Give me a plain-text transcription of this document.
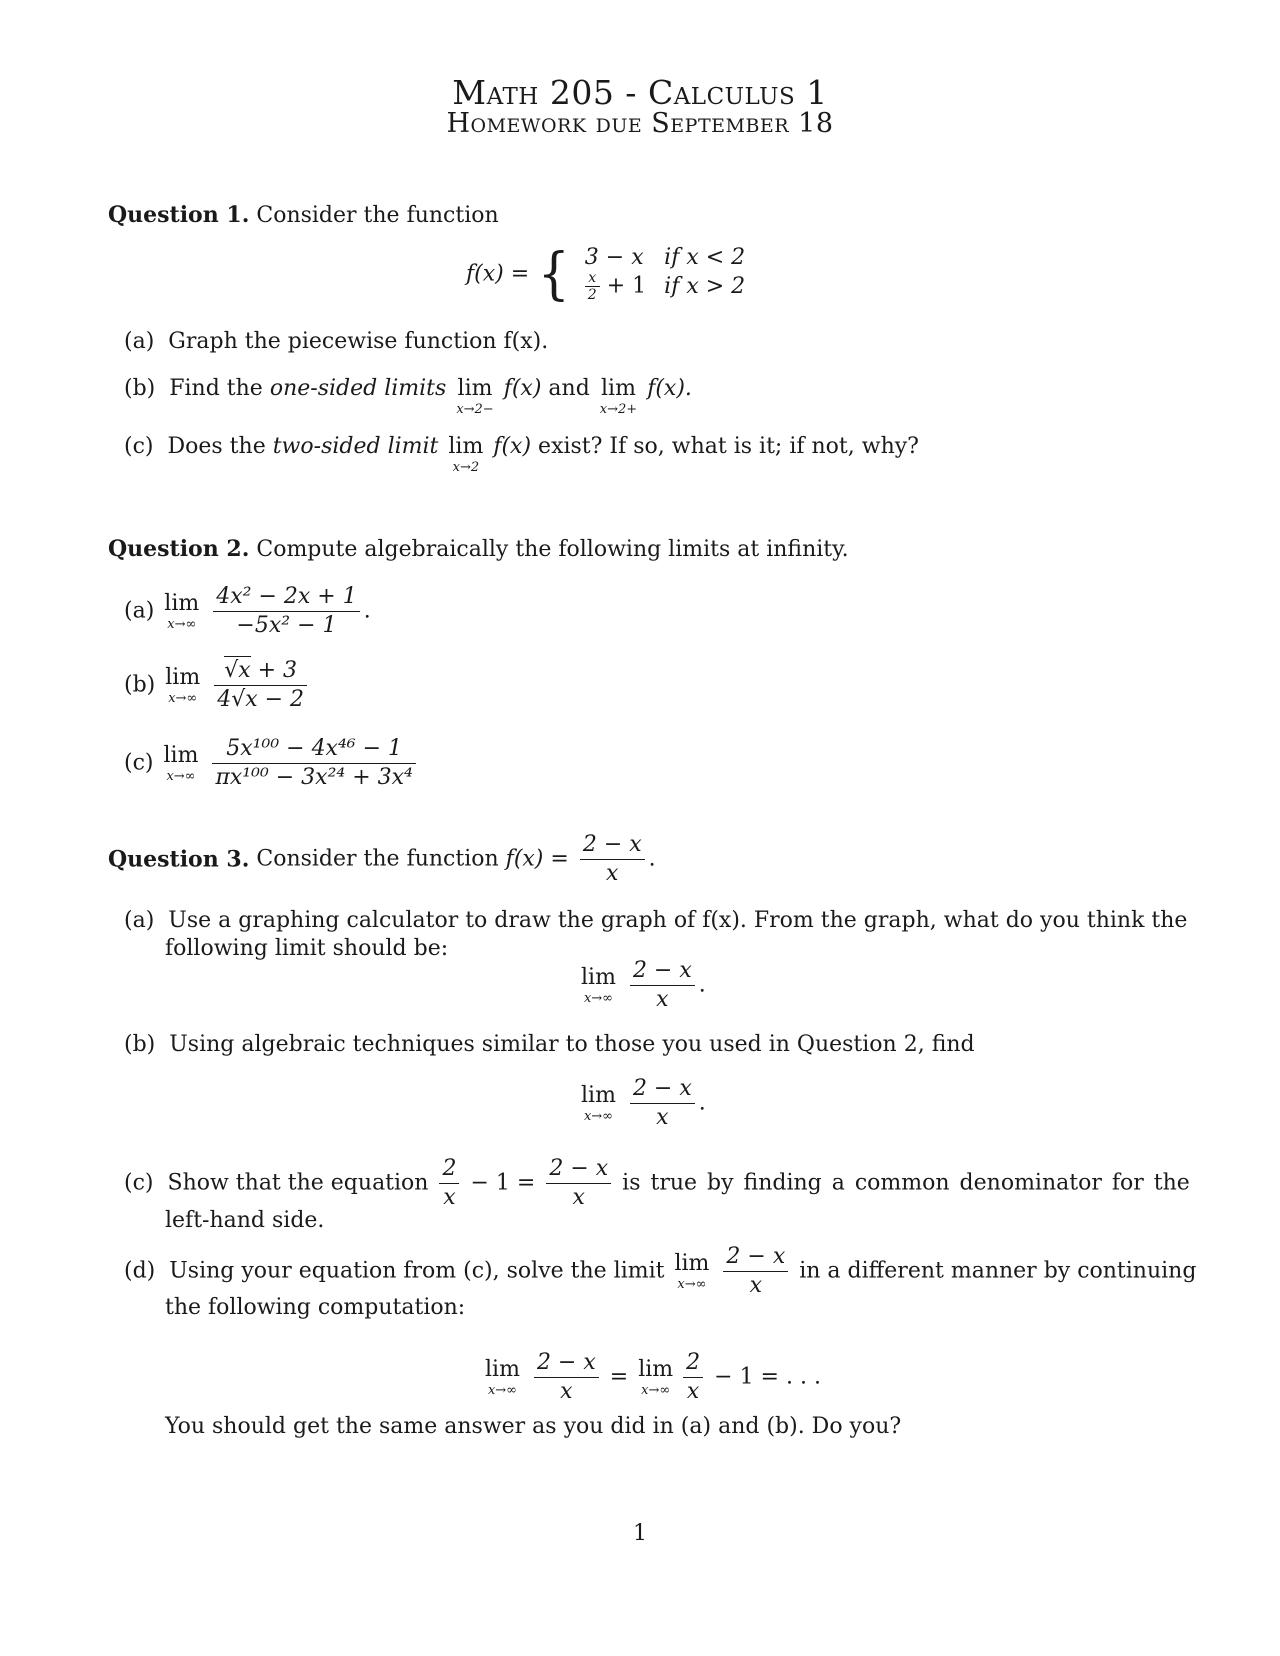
Math 205 - Calculus 1
Homework due September 18
Question 1. Consider the function
f(x) = { 3 − x	if x < 2

$\frac{x}{2} + 1$	if x > 2
(a) Graph the piecewise function f(x).
(b) Find the one-sided limits lim
x→2−
f(x) and lim
x→2+
f(x).
(c) Does the two-sided limit lim
x→2
f(x) exist? If so, what is it; if not, why?
Question 2. Compute algebraically the following limits at infinity.
(a) lim
x→∞
$\frac{\text{4x² − 2x + 1}}{\text{−5x² − 1}}$ .
(b) lim
x→∞
$\frac{√x + 3}{4√x - 2}$
(c) lim
x→∞
$\frac{\text{5x¹⁰⁰ − 4x⁴⁶ − 1}}{\text{πx¹⁰⁰ − 3x²⁴ + 3x⁴}}$
Question 3. Consider the function $f(x) = \frac{2 - x}{x}$ .
(a) Use a graphing calculator to draw the graph of f(x). From the graph, what do you think the
following limit should be:
lim
x→∞
$\frac{2 - x}{x}$ .
(b) Using algebraic techniques similar to those you used in Question 2, find
lim
x→∞
$\frac{2 - x}{x}$ .
(c) Show that the equation $\frac{2}{x} - 1 = \frac{2 - x}{x}$ is true by finding a common denominator for the
left-hand side.
(d) Using your equation from (c), solve the limit lim
x→∞
$\frac{2 - x}{x}$ in a different manner by continuing
the following computation:
lim
x→∞
$\frac{2 - x}{x} = \lim$
x→∞
$\frac{2}{x} - 1$ = . . .
You should get the same answer as you did in (a) and (b). Do you?
1
